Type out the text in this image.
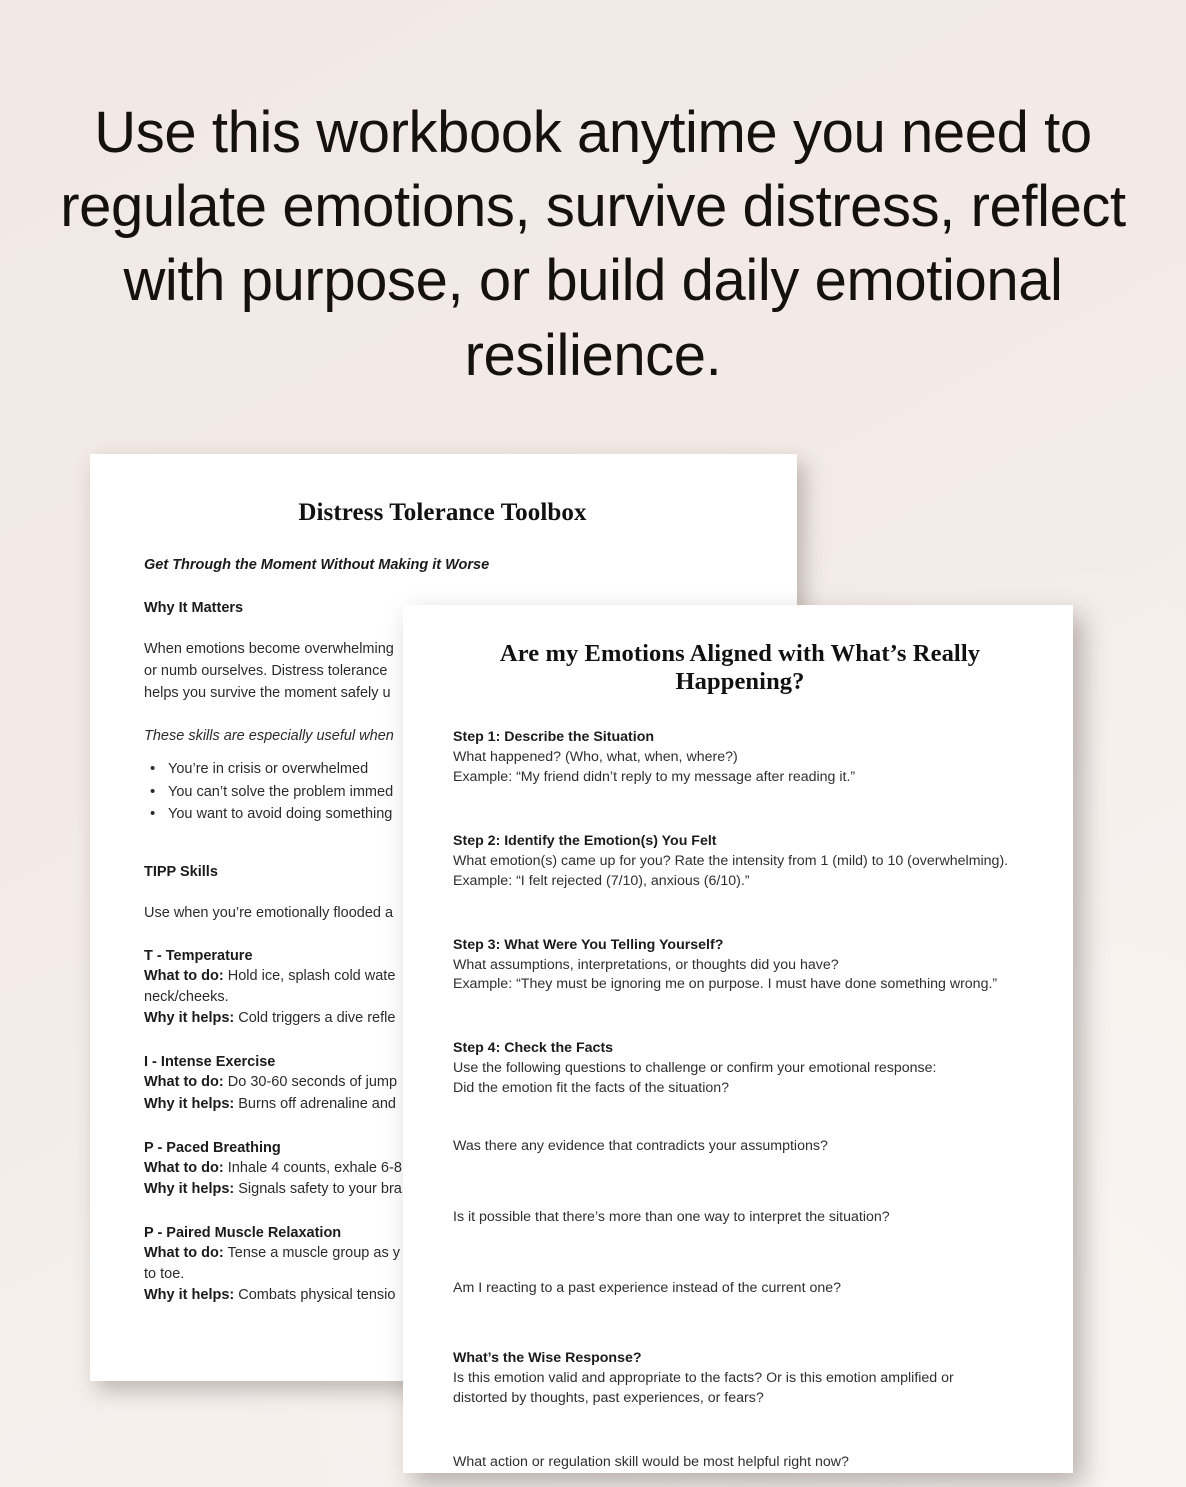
Use this workbook anytime you need to regulate emotions, survive distress, reflect with purpose, or build daily emotional resilience.
Distress Tolerance Toolbox
Get Through the Moment Without Making it Worse
Why It Matters
When emotions become overwhelming
or numb ourselves. Distress tolerance
helps you survive the moment safely u
These skills are especially useful when
• You’re in crisis or overwhelmed
• You can’t solve the problem immed
• You want to avoid doing something
TIPP Skills
Use when you’re emotionally flooded a
T - Temperature
What to do: Hold ice, splash cold wate
neck/cheeks.
Why it helps: Cold triggers a dive refle
I - Intense Exercise
What to do: Do 30-60 seconds of jump
Why it helps: Burns off adrenaline and
P - Paced Breathing
What to do: Inhale 4 counts, exhale 6-8
Why it helps: Signals safety to your bra
P - Paired Muscle Relaxation
What to do: Tense a muscle group as y
to toe.
Why it helps: Combats physical tensio
Are my Emotions Aligned with What’s Really Happening?
Step 1: Describe the Situation
What happened? (Who, what, when, where?)
Example: “My friend didn’t reply to my message after reading it.”
Step 2: Identify the Emotion(s) You Felt
What emotion(s) came up for you? Rate the intensity from 1 (mild) to 10 (overwhelming).
Example: “I felt rejected (7/10), anxious (6/10).”
Step 3: What Were You Telling Yourself?
What assumptions, interpretations, or thoughts did you have?
Example: “They must be ignoring me on purpose. I must have done something wrong.”
Step 4: Check the Facts
Use the following questions to challenge or confirm your emotional response:
Did the emotion fit the facts of the situation?
Was there any evidence that contradicts your assumptions?
Is it possible that there’s more than one way to interpret the situation?
Am I reacting to a past experience instead of the current one?
What’s the Wise Response?
Is this emotion valid and appropriate to the facts? Or is this emotion amplified or
distorted by thoughts, past experiences, or fears?
What action or regulation skill would be most helpful right now?
